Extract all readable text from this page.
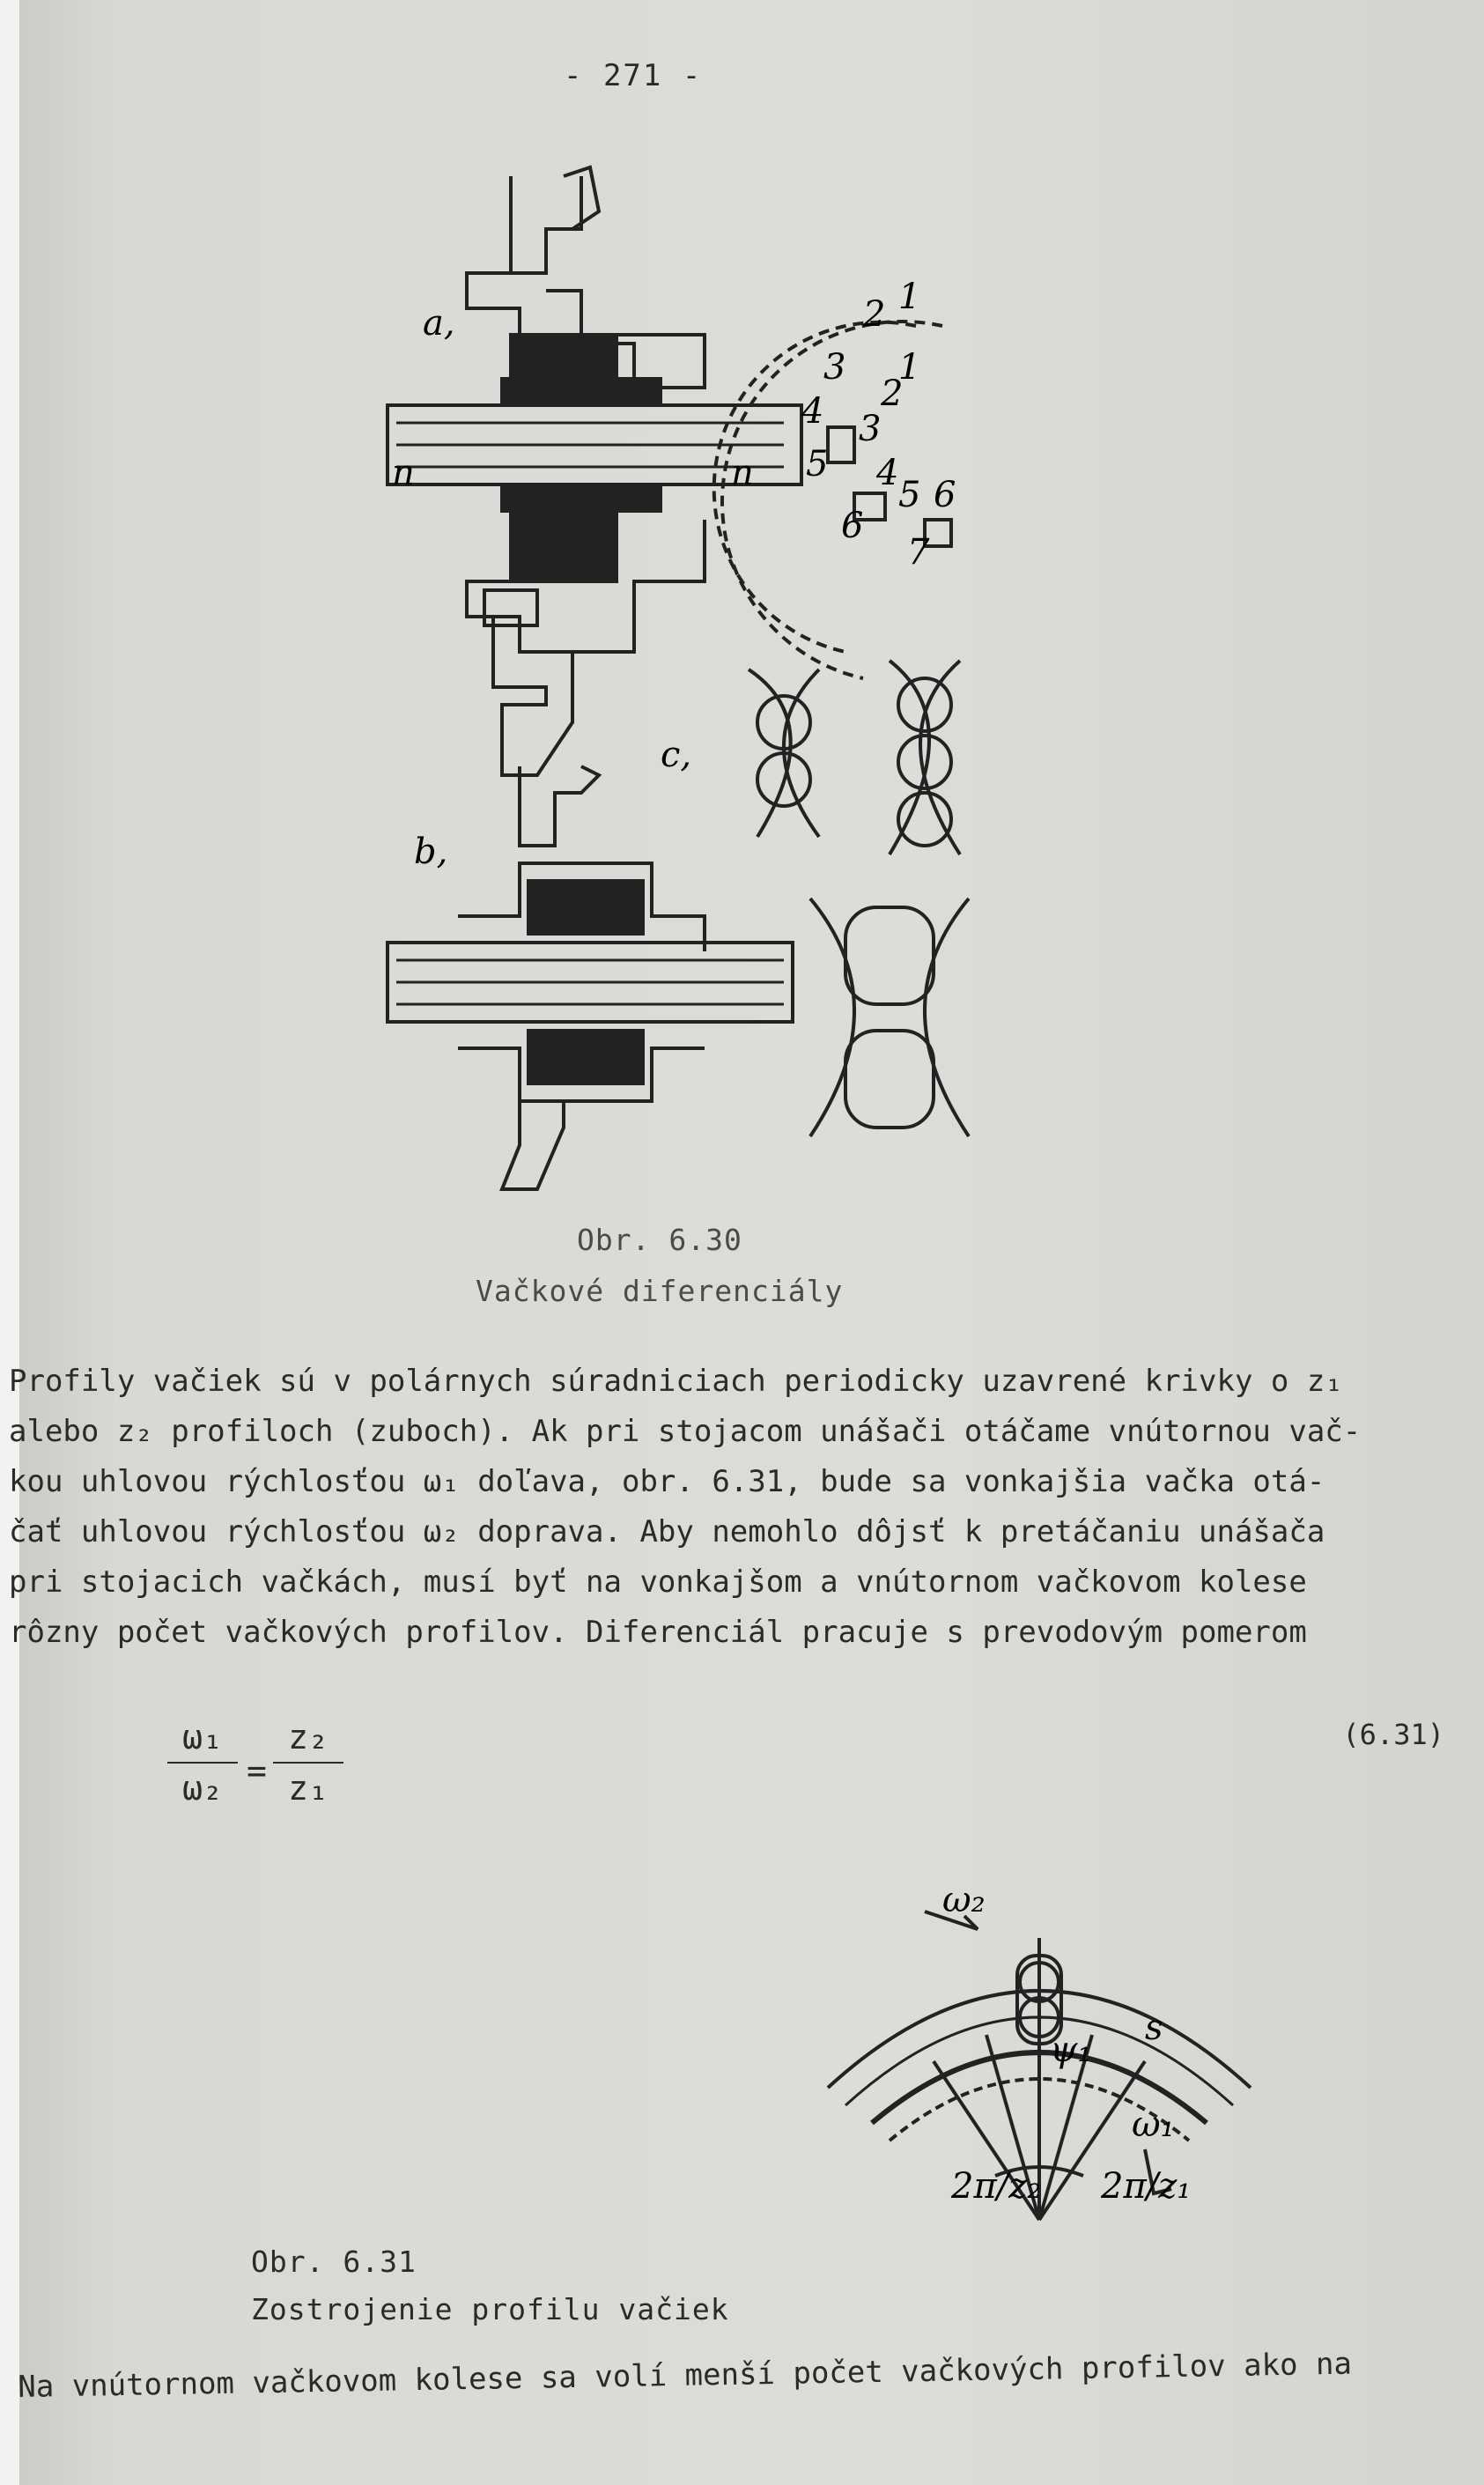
- 271 -
a,
b,
c,
n	n
2 1
3 1
2
4 3
5 4
5 6
6
7
Obr. 6.30
Vačkové diferenciály
Profily vačiek sú v polárnych súradniciach periodicky uzavrené krivky o z₁
alebo z₂ profiloch (zuboch). Ak pri stojacom unášači otáčame vnútornou vač-
kou uhlovou rýchlosťou ω₁ doľava, obr. 6.31, bude sa vonkajšia vačka otá-
čať uhlovou rýchlosťou ω₂ doprava. Aby nemohlo dôjsť k pretáčaniu unášača
pri stojacich vačkách, musí byť na vonkajšom a vnútornom vačkovom kolese
rôzny počet vačkových profilov. Diferenciál pracuje s prevodovým pomerom
ω₁
ω₂ =
z₂
z₁
(6.31)
ω₂
ω₁
s
ψ₁
2π/z₂ 2π/z₁
Obr. 6.31
Zostrojenie profilu vačiek
Na vnútornom vačkovom kolese sa volí menší počet vačkových profilov ako na
